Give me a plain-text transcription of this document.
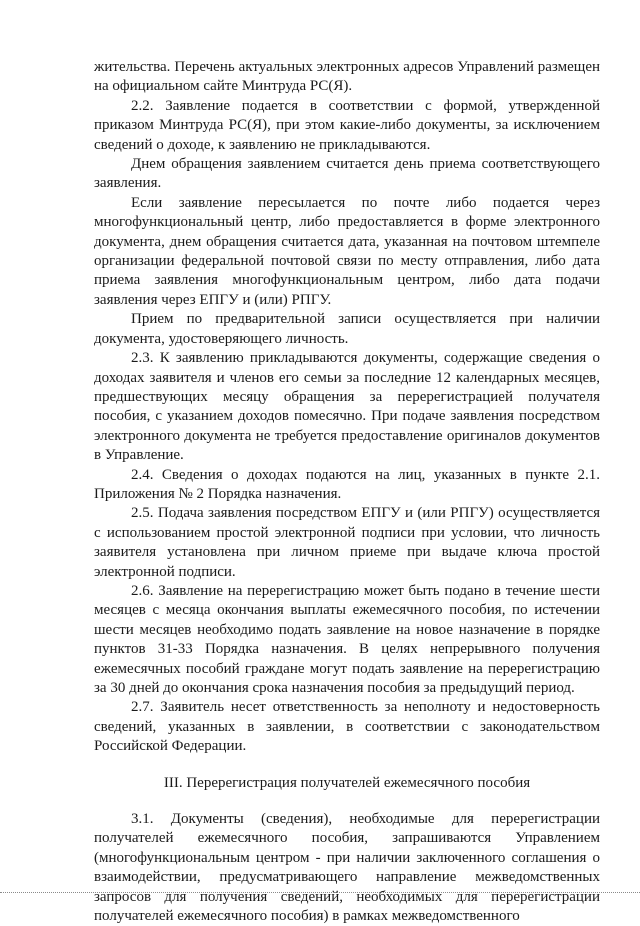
жительства. Перечень актуальных электронных адресов Управлений размещен на официальном сайте Минтруда РС(Я).

2.2. Заявление подается в соответствии с формой, утвержденной приказом Минтруда РС(Я), при этом какие-либо документы, за исключением сведений о доходе, к заявлению не прикладываются.

Днем обращения заявлением считается день приема соответствующего заявления.

Если заявление пересылается по почте либо подается через многофункциональный центр, либо предоставляется в форме электронного документа, днем обращения считается дата, указанная на почтовом штемпеле организации федеральной почтовой связи по месту отправления, либо дата приема заявления многофункциональным центром, либо дата подачи заявления через ЕПГУ и (или) РПГУ.

Прием по предварительной записи осуществляется при наличии документа, удостоверяющего личность.

2.3. К заявлению прикладываются документы, содержащие сведения о доходах заявителя и членов его семьи за последние 12 календарных месяцев, предшествующих месяцу обращения за перерегистрацией получателя пособия, с указанием доходов помесячно. При подаче заявления посредством электронного документа не требуется предоставление оригиналов документов в Управление.

2.4. Сведения о доходах подаются на лиц, указанных в пункте 2.1. Приложения № 2 Порядка назначения.

2.5. Подача заявления посредством ЕПГУ и (или РПГУ) осуществляется с использованием простой электронной подписи при условии, что личность заявителя установлена при личном приеме при выдаче ключа простой электронной подписи.

2.6. Заявление на перерегистрацию может быть подано в течение шести месяцев с месяца окончания выплаты ежемесячного пособия, по истечении шести месяцев необходимо подать заявление на новое назначение в порядке пунктов 31-33 Порядка назначения. В целях непрерывного получения ежемесячных пособий граждане могут подать заявление на перерегистрацию за 30 дней до окончания срока назначения пособия за предыдущий период.

2.7. Заявитель несет ответственность за неполноту и недостоверность сведений, указанных в заявлении, в соответствии с законодательством Российской Федерации.

III. Перерегистрация получателей ежемесячного пособия

3.1. Документы (сведения), необходимые для перерегистрации получателей ежемесячного пособия, запрашиваются Управлением (многофункциональным центром - при наличии заключенного соглашения о взаимодействии, предусматривающего направление межведомственных запросов для получения сведений, необходимых для перерегистрации получателей ежемесячного пособия) в рамках межведомственного
